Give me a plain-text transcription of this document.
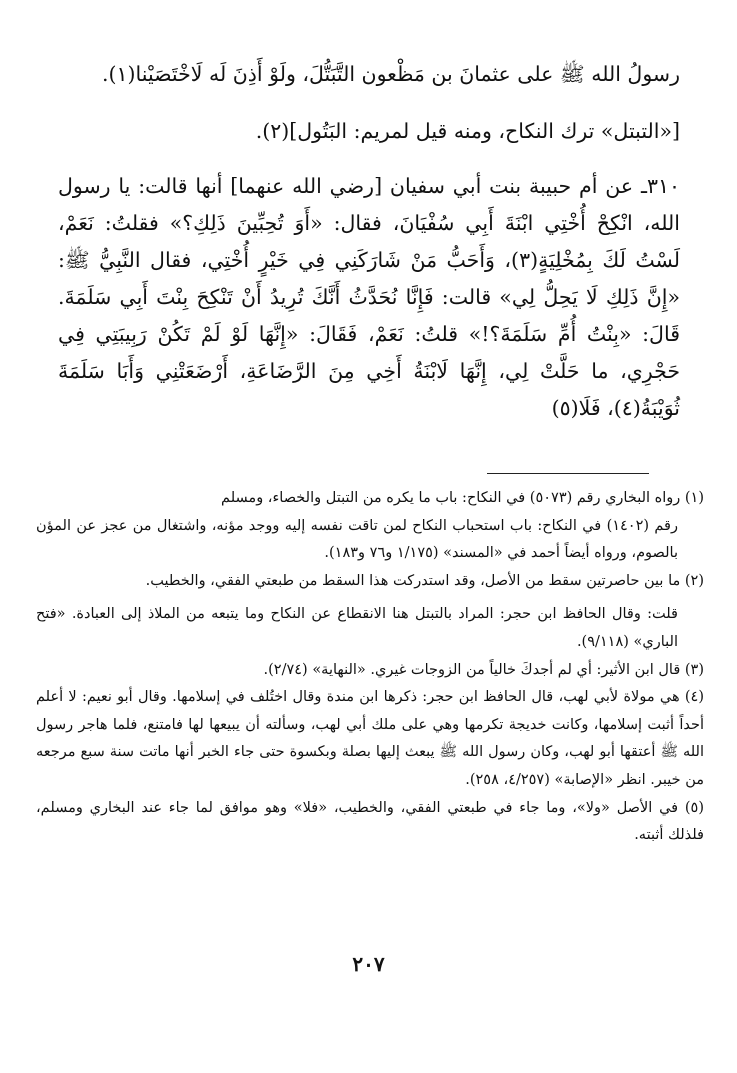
رسولُ الله ﷺ على عثمانَ بن مَظْعون التَّبَتُّلَ، ولَوْ أَذِنَ لَه لَاخْتَصَيْنا(١).

[«التبتل» ترك النكاح، ومنه قيل لمريم: البَتُول](٢).

٣١٠ـ عن أم حبيبة بنت أبي سفيان [رضي الله عنهما] أنها قالت: يا رسول الله، انْكِحْ أُخْتِي ابْنَةَ أَبِي سُفْيَانَ، فقال: «أَوَ تُحِبِّينَ ذَلِكِ؟» فقلتُ: نَعَمْ، لَسْتُ لَكَ بِمُخْلِيَةٍ(٣)، وَأَحَبُّ مَنْ شَارَكَنِي فِي خَيْرٍ أُخْتِي، فقال النَّبِيُّ ﷺ: «إِنَّ ذَلِكِ لَا يَحِلُّ لِي» قالت: فَإِنَّا نُحَدَّثُ أَنَّكَ تُرِيدُ أَنْ تَنْكِحَ بِنْتَ أَبِي سَلَمَةَ. قَالَ: «بِنْتُ أُمِّ سَلَمَةَ؟!» قلتُ: نَعَمْ، فَقَالَ: «إِنَّهَا لَوْ لَمْ تَكُنْ رَبِيبَتِي فِي حَجْرِي، ما حَلَّتْ لِي، إِنَّهَا لَابْنَةُ أَخِي مِنَ الرَّضَاعَةِ، أَرْضَعَتْنِي وَأَبَا سَلَمَةَ ثُوَيْبَةُ(٤)، فَلَا(٥)

(١) رواه البخاري رقم (٥٠٧٣) في النكاح: باب ما يكره من التبتل والخصاء، ومسلم

رقم (١٤٠٢) في النكاح: باب استحباب النكاح لمن تاقت نفسه إليه ووجد مؤنه، واشتغال من عجز عن المؤن بالصوم، ورواه أيضاً أحمد في «المسند» (١/١٧٥ و٧٦ و١٨٣).

(٢) ما بين حاصرتين سقط من الأصل، وقد استدركت هذا السقط من طبعتي الفقي، والخطيب.

قلت: وقال الحافظ ابن حجر: المراد بالتبتل هنا الانقطاع عن النكاح وما يتبعه من الملاذ إلى العبادة. «فتح الباري» (٩/١١٨).

(٣) قال ابن الأثير: أي لم أجدكَ خالياً من الزوجات غيري. «النهاية» (٢/٧٤).

(٤) هي مولاة لأبي لهب، قال الحافظ ابن حجر: ذكرها ابن مندة وقال اختُلف في إسلامها. وقال أبو نعيم: لا أعلم أحداً أثبت إسلامها، وكانت خديجة تكرمها وهي على ملك أبي لهب، وسألته أن يبيعها لها فامتنع، فلما هاجر رسول الله ﷺ أعتقها أبو لهب، وكان رسول الله ﷺ يبعث إليها بصلة وبكسوة حتى جاء الخبر أنها ماتت سنة سبع مرجعه من خيبر. انظر «الإصابة» (٤/٢٥٧، ٢٥٨).

(٥) في الأصل «ولا»، وما جاء في طبعتي الفقي، والخطيب، «فلا» وهو موافق لما جاء عند البخاري ومسلم، فلذلك أثبته.

٢٠٧
